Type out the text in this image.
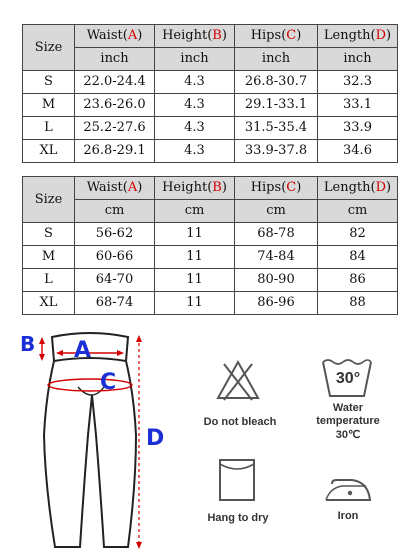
Size	Waist(A)	Height(B)	Hips(C)	Length(D)
	inch	inch	inch	inch
S	22.0-24.4	4.3	26.8-30.7	32.3
M	23.6-26.0	4.3	29.1-33.1	33.1
L	25.2-27.6	4.3	31.5-35.4	33.9
XL	26.8-29.1	4.3	33.9-37.8	34.6
Size	Waist(A)	Height(B)	Hips(C)	Length(D)
	cm	cm	cm	cm
S	56-62	11	68-78	82
M	60-66	11	74-84	84
L	64-70	11	80-90	86
XL	68-74	11	86-96	88
B A
C
D
Do not bleach
30°
Water
temperature
30℃
Hang to dry	Iron
